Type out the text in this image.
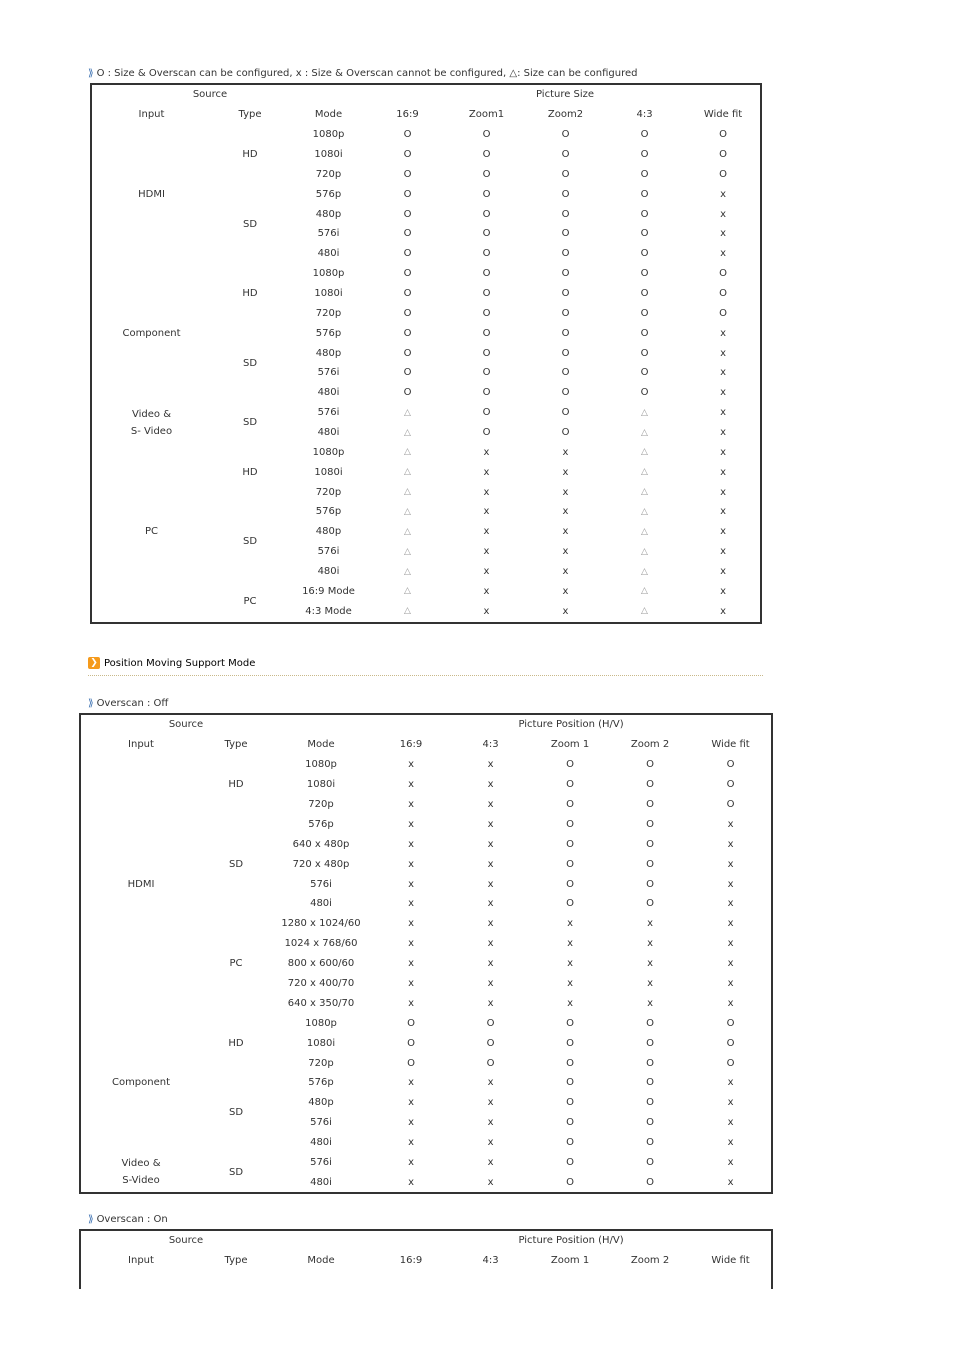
⟫ O : Size & Overscan can be configured, x : Size & Overscan cannot be configured, △: Size can be configured
Source			Picture Size				
Input	Type	Mode	16:9	Zoom1	Zoom2	4:3	Wide fit
HDMI	HD	1080p	O	O	O	O	O
		1080i	O	O	O	O	O
		720p	O	O	O	O	O
	SD	576p	O	O	O	O	x
		480p	O	O	O	O	x
		576i	O	O	O	O	x
		480i	O	O	O	O	x
Component	HD	1080p	O	O	O	O	O
		1080i	O	O	O	O	O
		720p	O	O	O	O	O
	SD	576p	O	O	O	O	x
		480p	O	O	O	O	x
		576i	O	O	O	O	x
		480i	O	O	O	O	x
Video &
S- Video	SD	576i	△	O	O	△	x
		480i	△	O	O	△	x
PC	HD	1080p	△	x	x	△	x
		1080i	△	x	x	△	x
		720p	△	x	x	△	x
	SD	576p	△	x	x	△	x
		480p	△	x	x	△	x
		576i	△	x	x	△	x
		480i	△	x	x	△	x
	PC	16:9 Mode	△	x	x	△	x
		4:3 Mode	△	x	x	△	x
❯ Position Moving Support Mode
⟫ Overscan : Off
Source			Picture Position (H/V)				
Input	Type	Mode	16:9	4:3	Zoom 1	Zoom 2	Wide fit
HDMI	HD	1080p	x	x	O	O	O
		1080i	x	x	O	O	O
		720p	x	x	O	O	O
	SD	576p	x	x	O	O	x
		640 x 480p	x	x	O	O	x
		720 x 480p	x	x	O	O	x
		576i	x	x	O	O	x
		480i	x	x	O	O	x
	PC	1280 x 1024/60	x	x	x	x	x
		1024 x 768/60	x	x	x	x	x
		800 x 600/60	x	x	x	x	x
		720 x 400/70	x	x	x	x	x
		640 x 350/70	x	x	x	x	x
Component	HD	1080p	O	O	O	O	O
		1080i	O	O	O	O	O
		720p	O	O	O	O	O
	SD	576p	x	x	O	O	x
		480p	x	x	O	O	x
		576i	x	x	O	O	x
		480i	x	x	O	O	x
Video &
S-Video	SD	576i	x	x	O	O	x
		480i	x	x	O	O	x
⟫ Overscan : On
Source			Picture Position (H/V)				
Input	Type	Mode	16:9	4:3	Zoom 1	Zoom 2	Wide fit
